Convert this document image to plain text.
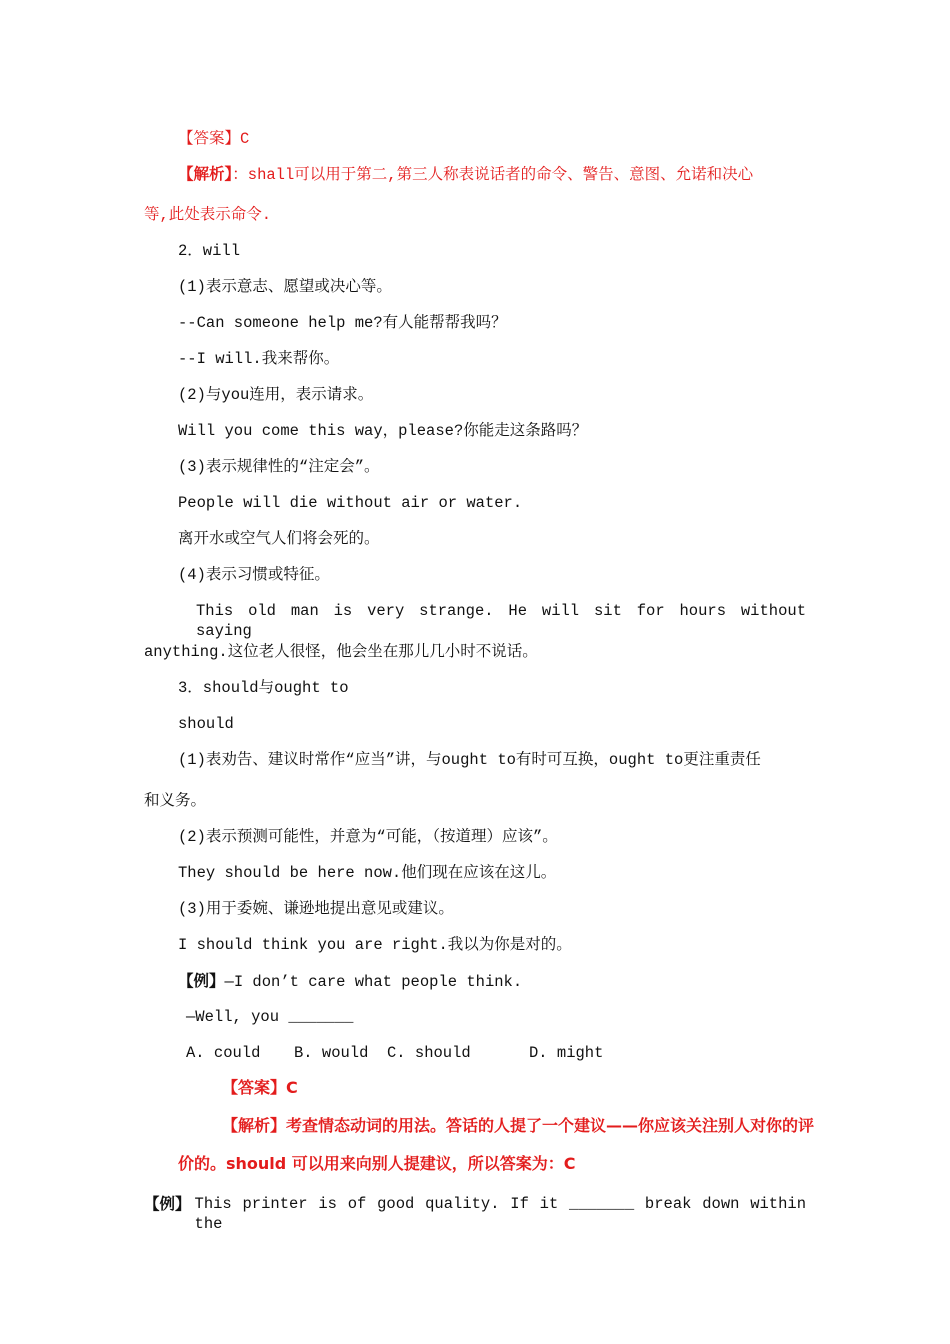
【答案】C
【解析】：shall可以用于第二,第三人称表说话者的命令、警告、意图、允诺和决心
等,此处表示命令.
2．will
(1)表示意志、愿望或决心等。
--Can someone help me?有人能帮帮我吗？
--I will.我来帮你。
(2)与you连用，表示请求。
Will you come this way，please?你能走这条路吗？
(3)表示规律性的“注定会”。
People will die without air or water.
离开水或空气人们将会死的。
(4)表示习惯或特征。
This old man is very strange. He will sit for hours without saying
anything.这位老人很怪，他会坐在那儿几小时不说话。
3．should与ought to
should
(1)表劝告、建议时常作“应当”讲，与ought to有时可互换，ought to更注重责任
和义务。
(2)表示预测可能性，并意为“可能，（按道理）应该”。
They should be here now.他们现在应该在这儿。
(3)用于委婉、谦逊地提出意见或建议。
I should think you are right.我以为你是对的。
【例】—I don’t care what people think.
—Well, you _______
A. could B. would C. should	D. might
【答案】C
【解析】考查情态动词的用法。答话的人提了一个建议——你应该关注别人对你的评
价的。should 可以用来向别人提建议，所以答案为：C
【例】 This printer is of good quality. If it _______ break down within the
